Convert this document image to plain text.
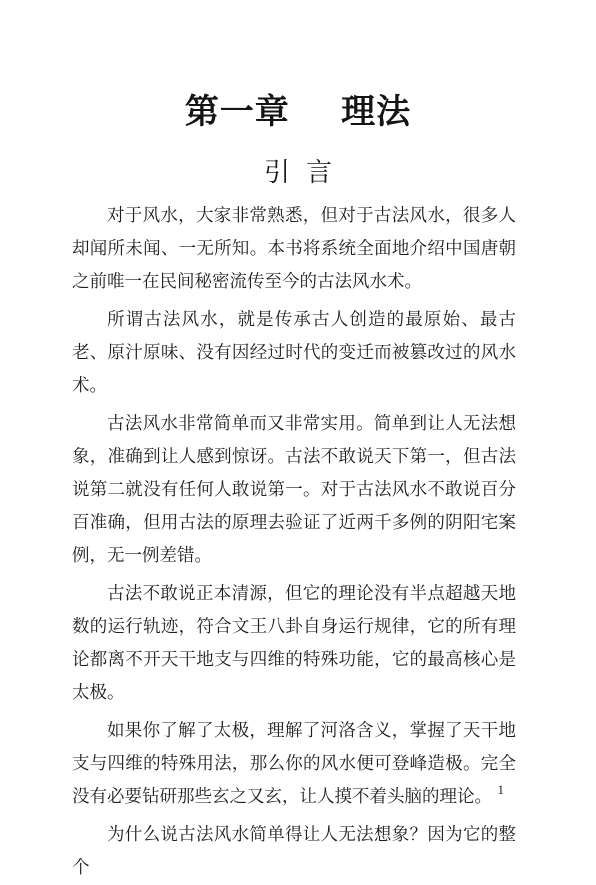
第一章    理法
引言

对于风水，大家非常熟悉，但对于古法风水，很多人却闻所未闻、一无所知。本书将系统全面地介绍中国唐朝之前唯一在民间秘密流传至今的古法风水术。

所谓古法风水，就是传承古人创造的最原始、最古老、原汁原味、没有因经过时代的变迁而被篡改过的风水术。

古法风水非常简单而又非常实用。简单到让人无法想象，准确到让人感到惊讶。古法不敢说天下第一，但古法说第二就没有任何人敢说第一。对于古法风水不敢说百分百准确，但用古法的原理去验证了近两千多例的阴阳宅案例，无一例差错。

古法不敢说正本清源，但它的理论没有半点超越天地数的运行轨迹，符合文王八卦自身运行规律，它的所有理论都离不开天干地支与四维的特殊功能，它的最高核心是太极。

如果你了解了太极，理解了河洛含义，掌握了天干地支与四维的特殊用法，那么你的风水便可登峰造极。完全没有必要钻研那些玄之又玄，让人摸不着头脑的理论。

为什么说古法风水简单得让人无法想象？因为它的整个

1
